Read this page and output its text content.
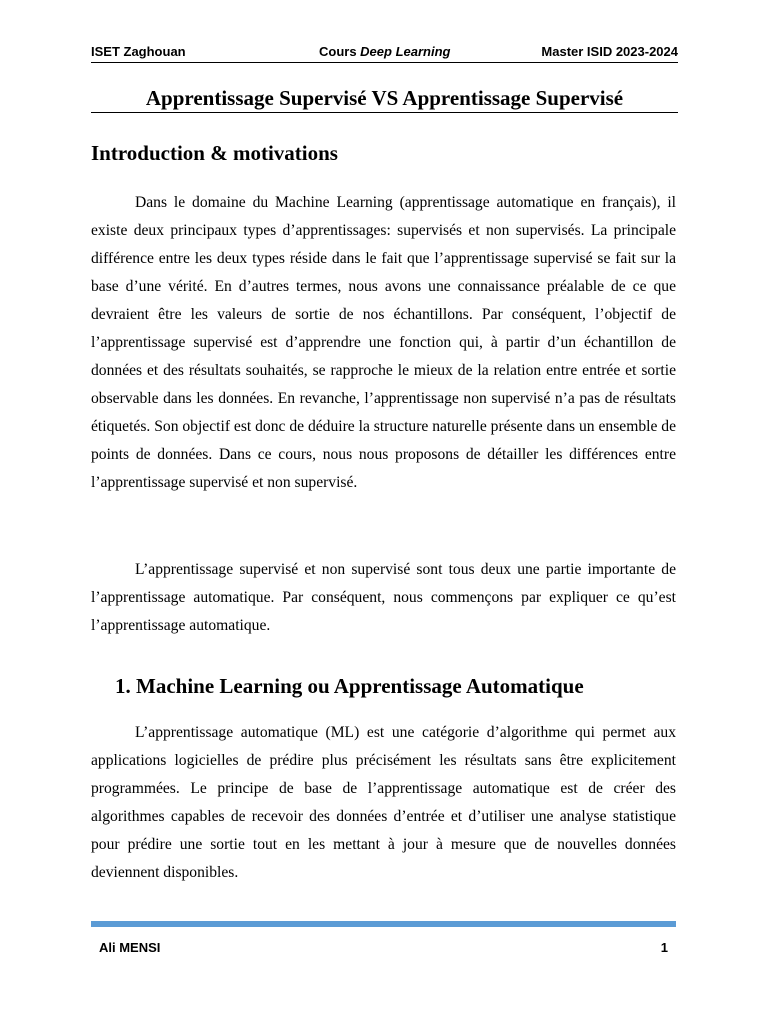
ISET Zaghouan	Cours Deep Learning	Master ISID 2023-2024
Apprentissage Supervisé VS Apprentissage Supervisé
Introduction & motivations

Dans le domaine du Machine Learning (apprentissage automatique en français), il existe deux principaux types d’apprentissages: supervisés et non supervisés. La principale différence entre les deux types réside dans le fait que l’apprentissage supervisé se fait sur la base d’une vérité. En d’autres termes, nous avons une connaissance préalable de ce que devraient être les valeurs de sortie de nos échantillons. Par conséquent, l’objectif de l’apprentissage supervisé est d’apprendre une fonction qui, à partir d’un échantillon de données et des résultats souhaités, se rapproche le mieux de la relation entre entrée et sortie observable dans les données. En revanche, l’apprentissage non supervisé n’a pas de résultats étiquetés. Son objectif est donc de déduire la structure naturelle présente dans un ensemble de points de données. Dans ce cours, nous nous proposons de détailler les différences entre l’apprentissage supervisé et non supervisé.

L’apprentissage supervisé et non supervisé sont tous deux une partie importante de l’apprentissage automatique. Par conséquent, nous commençons par expliquer ce qu’est l’apprentissage automatique.

1. Machine Learning ou Apprentissage Automatique

L’apprentissage automatique (ML) est une catégorie d’algorithme qui permet aux applications logicielles de prédire plus précisément les résultats sans être explicitement programmées. Le principe de base de l’apprentissage automatique est de créer des algorithmes capables de recevoir des données d’entrée et d’utiliser une analyse statistique pour prédire une sortie tout en les mettant à jour à mesure que de nouvelles données deviennent disponibles.

Ali MENSI	1
